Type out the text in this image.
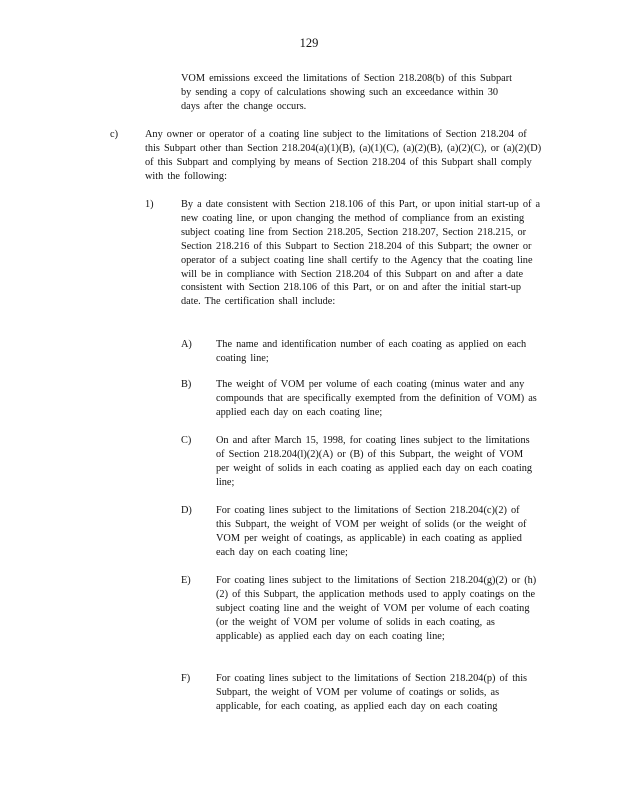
129
VOM emissions exceed the limitations of Section 218.208(b) of this Subpart by sending a copy of calculations showing such an exceedance within 30 days after the change occurs.
c)	Any owner or operator of a coating line subject to the limitations of Section 218.204 of this Subpart other than Section 218.204(a)(1)(B), (a)(1)(C), (a)(2)(B), (a)(2)(C), or (a)(2)(D) of this Subpart and complying by means of Section 218.204 of this Subpart shall comply with the following:
1)	By a date consistent with Section 218.106 of this Part, or upon initial start-up of a new coating line, or upon changing the method of compliance from an existing subject coating line from Section 218.205, Section 218.207, Section 218.215, or Section 218.216 of this Subpart to Section 218.204 of this Subpart; the owner or operator of a subject coating line shall certify to the Agency that the coating line will be in compliance with Section 218.204 of this Subpart on and after a date consistent with Section 218.106 of this Part, or on and after the initial start-up date. The certification shall include:
A) The name and identification number of each coating as applied on each coating line;
B) The weight of VOM per volume of each coating (minus water and any compounds that are specifically exempted from the definition of VOM) as applied each day on each coating line;
C) On and after March 15, 1998, for coating lines subject to the limitations of Section 218.204(l)(2)(A) or (B) of this Subpart, the weight of VOM per weight of solids in each coating as applied each day on each coating line;
D) For coating lines subject to the limitations of Section 218.204(c)(2) of this Subpart, the weight of VOM per weight of solids (or the weight of VOM per weight of coatings, as applicable) in each coating as applied each day on each coating line;
E) For coating lines subject to the limitations of Section 218.204(g)(2) or (h)(2) of this Subpart, the application methods used to apply coatings on the subject coating line and the weight of VOM per volume of each coating (or the weight of VOM per volume of solids in each coating, as applicable) as applied each day on each coating line;
F)	For coating lines subject to the limitations of Section 218.204(p) of this Subpart, the weight of VOM per volume of coatings or solids, as applicable, for each coating, as applied each day on each coating
